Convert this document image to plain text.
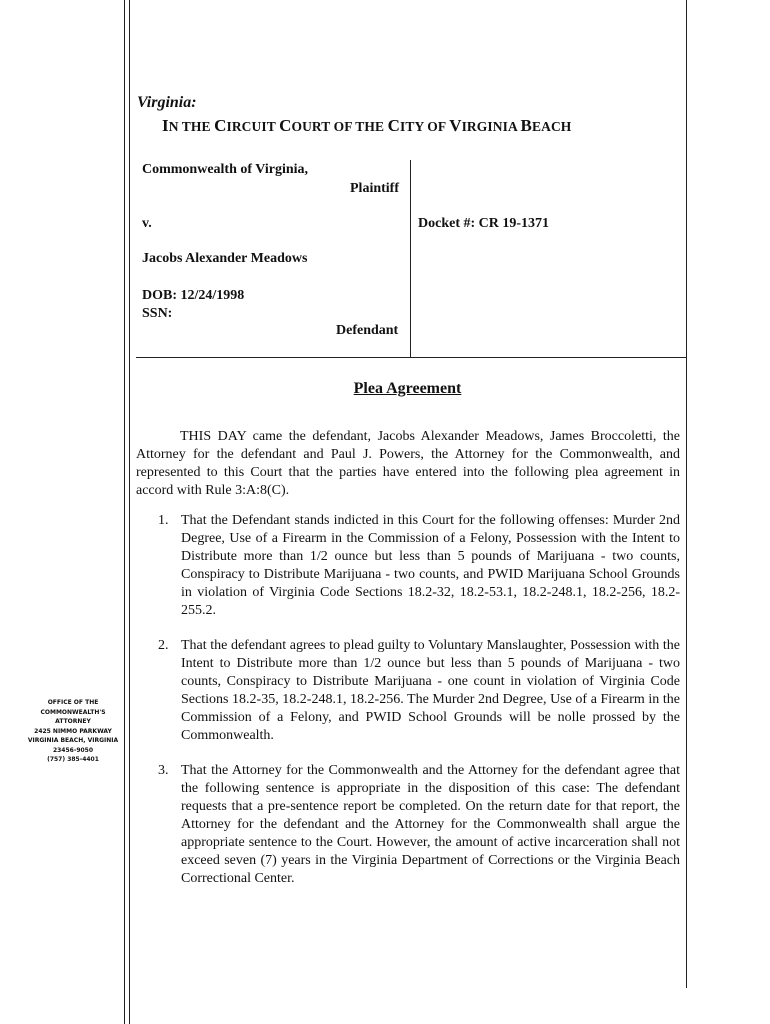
OFFICE OF THE
COMMONWEALTH'S
ATTORNEY
2425 NIMMO PARKWAY
VIRGINIA BEACH, VIRGINIA
23456-9050
(757) 385-4401
Virginia:
IN THE CIRCUIT COURT OF THE CITY OF VIRGINIA BEACH
Commonwealth of Virginia,
Plaintiff
v.	Docket #: CR 19-1371
Jacobs Alexander Meadows
DOB: 12/24/1998
SSN:
Defendant
Plea Agreement
THIS DAY came the defendant, Jacobs Alexander Meadows, James Broccoletti, the Attorney for the defendant and Paul J. Powers, the Attorney for the Commonwealth, and represented to this Court that the parties have entered into the following plea agreement in accord with Rule 3:A:8(C).
1. That the Defendant stands indicted in this Court for the following offenses: Murder 2nd Degree, Use of a Firearm in the Commission of a Felony, Possession with the Intent to Distribute more than 1/2 ounce but less than 5 pounds of Marijuana - two counts, Conspiracy to Distribute Marijuana - two counts, and PWID Marijuana School Grounds in violation of Virginia Code Sections 18.2-32, 18.2-53.1, 18.2-248.1, 18.2-256, 18.2-255.2.
2. That the defendant agrees to plead guilty to Voluntary Manslaughter, Possession with the Intent to Distribute more than 1/2 ounce but less than 5 pounds of Marijuana - two counts, Conspiracy to Distribute Marijuana - one count in violation of Virginia Code Sections 18.2-35, 18.2-248.1, 18.2-256. The Murder 2nd Degree, Use of a Firearm in the Commission of a Felony, and PWID School Grounds will be nolle prossed by the Commonwealth.
3. That the Attorney for the Commonwealth and the Attorney for the defendant agree that the following sentence is appropriate in the disposition of this case: The defendant requests that a pre-sentence report be completed. On the return date for that report, the Attorney for the defendant and the Attorney for the Commonwealth shall argue the appropriate sentence to the Court. However, the amount of active incarceration shall not exceed seven (7) years in the Virginia Department of Corrections or the Virginia Beach Correctional Center.
